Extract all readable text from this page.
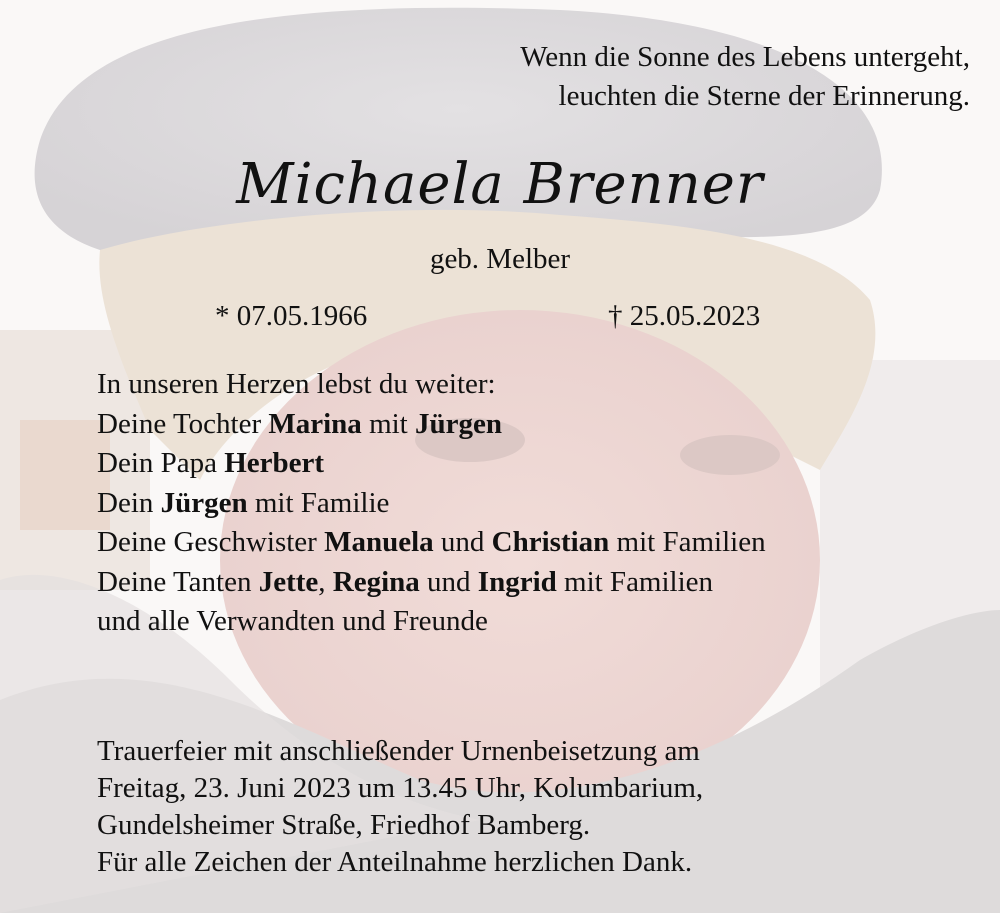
Wenn die Sonne des Lebens untergeht,
leuchten die Sterne der Erinnerung.
Michaela Brenner
geb. Melber
* 07.05.1966	† 25.05.2023
In unseren Herzen lebst du weiter:
Deine Tochter Marina mit Jürgen
Dein Papa Herbert
Dein Jürgen mit Familie
Deine Geschwister Manuela und Christian mit Familien
Deine Tanten Jette, Regina und Ingrid mit Familien
und alle Verwandten und Freunde
Trauerfeier mit anschließender Urnenbeisetzung am
Freitag, 23. Juni 2023 um 13.45 Uhr, Kolumbarium,
Gundelsheimer Straße, Friedhof Bamberg.
Für alle Zeichen der Anteilnahme herzlichen Dank.
